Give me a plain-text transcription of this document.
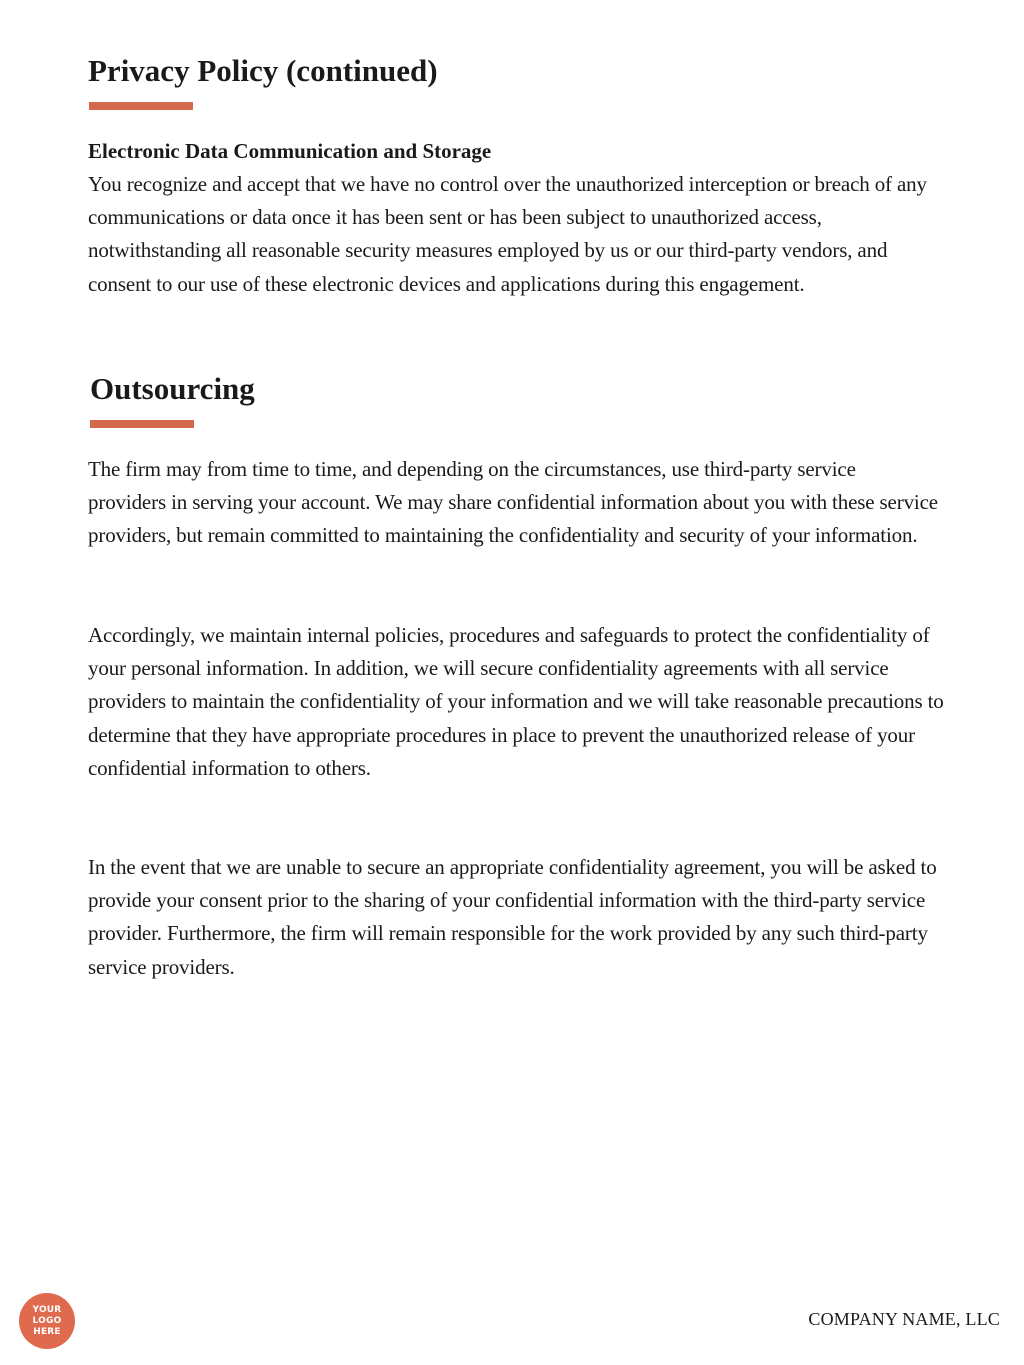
Privacy Policy (continued)
Electronic Data Communication and Storage

You recognize and accept that we have no control over the unauthorized interception or breach of any communications or data once it has been sent or has been subject to unauthorized access, notwithstanding all reasonable security measures employed by us or our third-party vendors, and consent to our use of these electronic devices and applications during this engagement.

Outsourcing

The firm may from time to time, and depending on the circumstances, use third-party service providers in serving your account. We may share confidential information about you with these service providers, but remain committed to maintaining the confidentiality and security of your information.

Accordingly, we maintain internal policies, procedures and safeguards to protect the confidentiality of your personal information. In addition, we will secure confidentiality agreements with all service providers to maintain the confidentiality of your information and we will take reasonable precautions to determine that they have appropriate procedures in place to prevent the unauthorized release of your confidential information to others.

In the event that we are unable to secure an appropriate confidentiality agreement, you will be asked to provide your consent prior to the sharing of your confidential information with the third-party service provider. Furthermore, the firm will remain responsible for the work provided by any such third-party service providers.

YOUR
LOGO
HERE
COMPANY NAME, LLC
